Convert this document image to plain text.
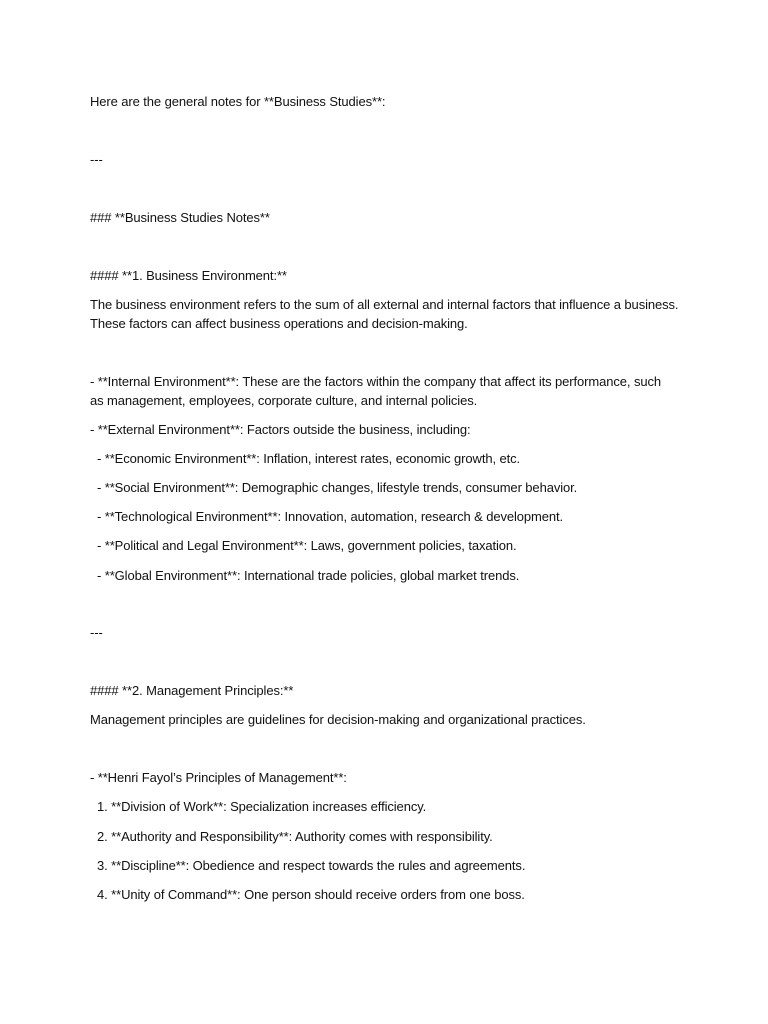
Here are the general notes for **Business Studies**:
---
### **Business Studies Notes**
#### **1. Business Environment:**
The business environment refers to the sum of all external and internal factors that influence a business.
These factors can affect business operations and decision-making.
- **Internal Environment**: These are the factors within the company that affect its performance, such
as management, employees, corporate culture, and internal policies.
- **External Environment**: Factors outside the business, including:
- **Economic Environment**: Inflation, interest rates, economic growth, etc.
- **Social Environment**: Demographic changes, lifestyle trends, consumer behavior.
- **Technological Environment**: Innovation, automation, research & development.
- **Political and Legal Environment**: Laws, government policies, taxation.
- **Global Environment**: International trade policies, global market trends.
---
#### **2. Management Principles:**
Management principles are guidelines for decision-making and organizational practices.
- **Henri Fayol’s Principles of Management**:
1. **Division of Work**: Specialization increases efficiency.
2. **Authority and Responsibility**: Authority comes with responsibility.
3. **Discipline**: Obedience and respect towards the rules and agreements.
4. **Unity of Command**: One person should receive orders from one boss.
